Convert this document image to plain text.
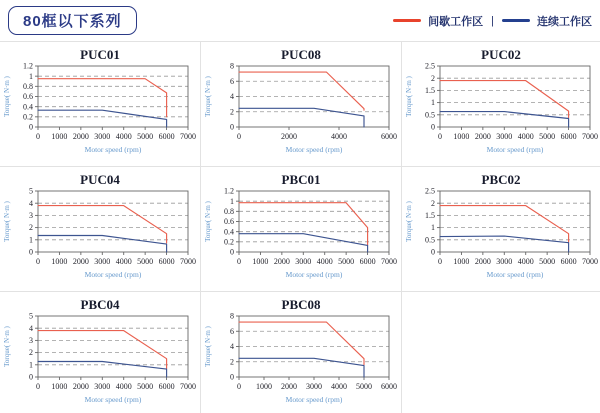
80框以下系列	间歇工作区 |	连续工作区
PUC01
0
0.2
0.4
0.6
0.8
1
1.2
0 1000 2000 3000 4000 5000 6000 7000
Motor speed (rpm)
Torque( N·m )
PUC08
0
2
4
6
8
0	2000	4000	6000
Motor speed (rpm)
Torque( N·m )
PUC02
0
0.5
1
1.5
2
2.5
0 1000 2000 3000 4000 5000 6000 7000
Motor speed (rpm)
Torque( N·m )
PUC04
0
1
2
3
4
5
0 1000 2000 3000 4000 5000 6000 7000
Motor speed (rpm)
Torque( N·m )
PBC01
0
0.2
0.4
0.6
0.8
1
1.2
0 1000 2000 3000 4000 5000 6000 7000
Motor speed (rpm)
Torque( N·m )
PBC02
0
0.5
1
1.5
2
2.5
0 1000 2000 3000 4000 5000 6000 7000
Motor speed (rpm)
Torque( N·m )
PBC04
0
1
2
3
4
5
0 1000 2000 3000 4000 5000 6000 7000
Motor speed (rpm)
Torque( N·m )
PBC08
0
2
4
6
8
0 1000 2000 3000 4000 5000 6000
Motor speed (rpm)
Torque( N·m )
